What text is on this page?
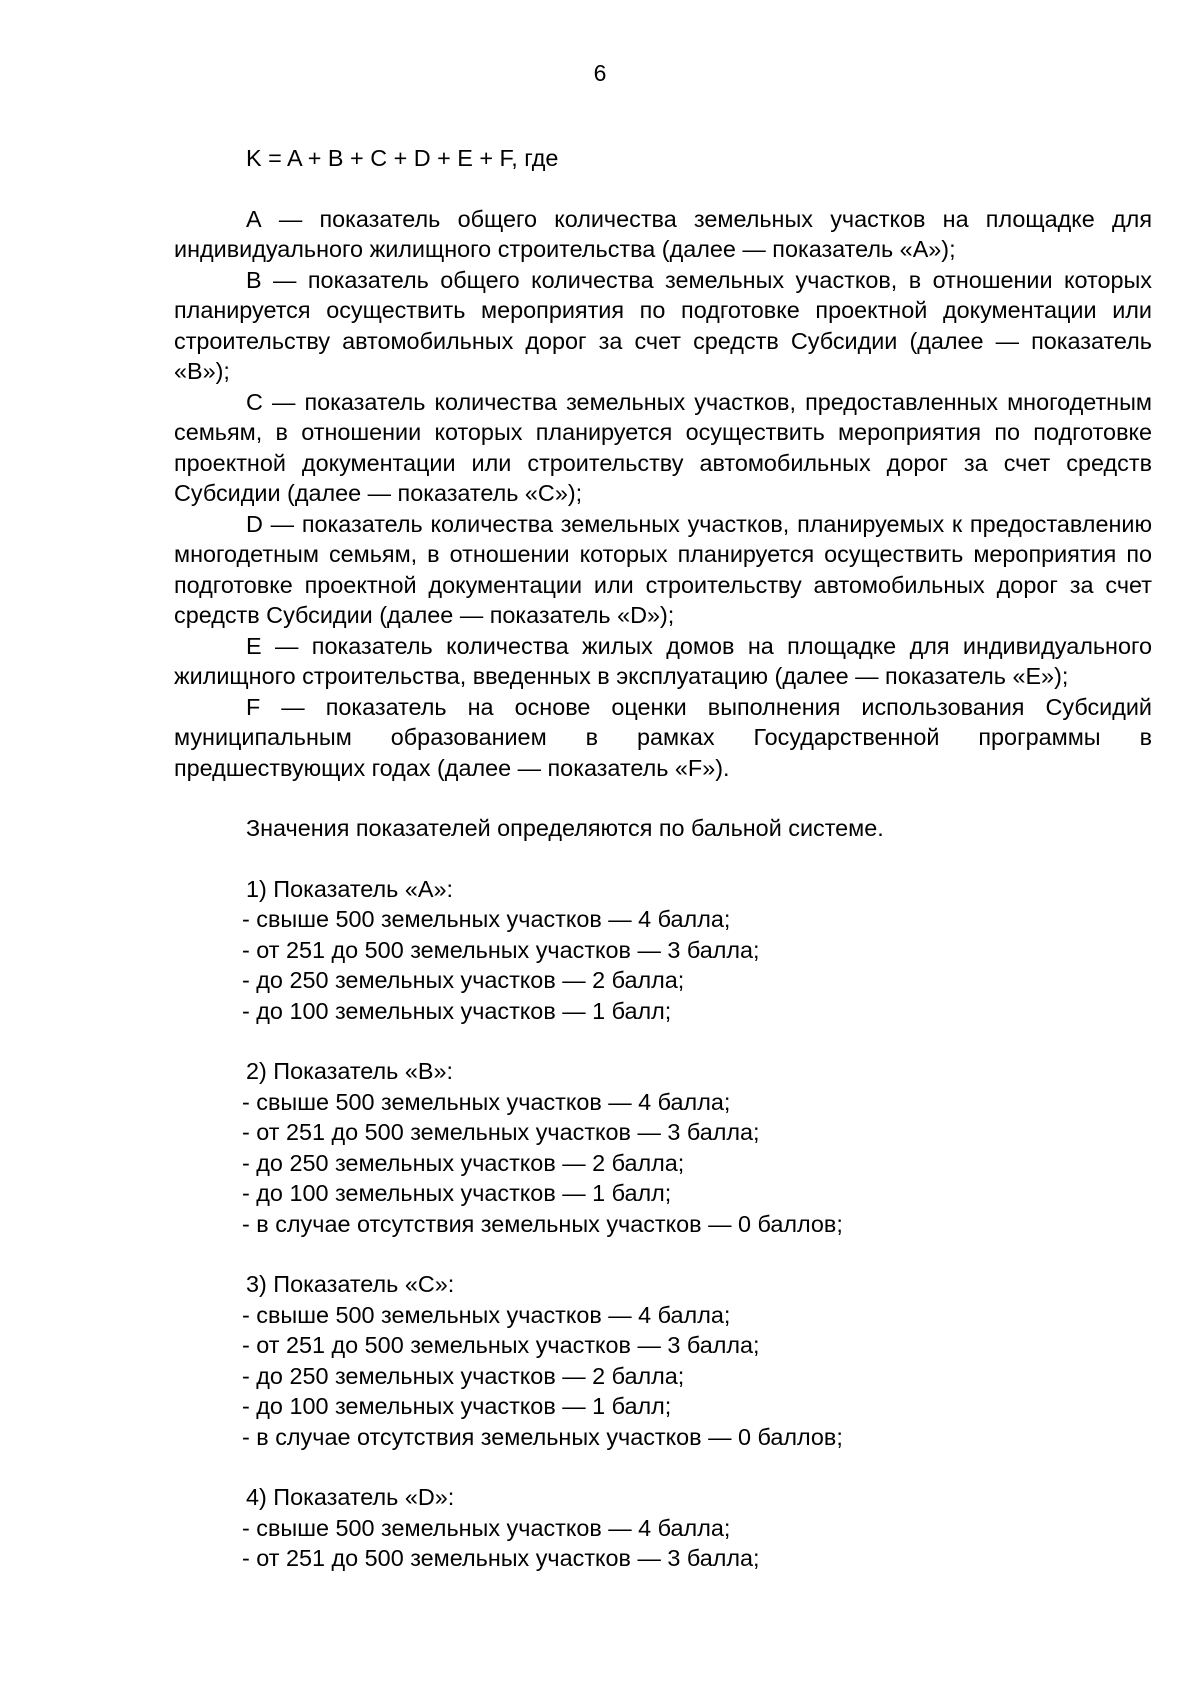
6
K = A + B + C + D + E + F, где

А — показатель общего количества земельных участков на площадке для индивидуального жилищного строительства (далее — показатель «А»);

В — показатель общего количества земельных участков, в отношении которых планируется осуществить мероприятия по подготовке проектной документации или строительству автомобильных дорог за счет средств Субсидии (далее — показатель «В»);

С — показатель количества земельных участков, предоставленных многодетным семьям, в отношении которых планируется осуществить мероприятия по подготовке проектной документации или строительству автомобильных дорог за счет средств Субсидии (далее — показатель «С»);

D — показатель количества земельных участков, планируемых к предоставлению многодетным семьям, в отношении которых планируется осуществить мероприятия по подготовке проектной документации или строительству автомобильных дорог за счет средств Субсидии (далее — показатель «D»);

Е — показатель количества жилых домов на площадке для индивидуального жилищного строительства, введенных в эксплуатацию (далее — показатель «Е»);

F — показатель на основе оценки выполнения использования Субсидий муниципальным образованием в рамках Государственной программы в предшествующих годах (далее — показатель «F»).

Значения показателей определяются по бальной системе.
1) Показатель «А»:
- свыше 500 земельных участков — 4 балла;
- от 251 до 500 земельных участков — 3 балла;
- до 250 земельных участков — 2 балла;
- до 100 земельных участков — 1 балл;
2) Показатель «В»:
- свыше 500 земельных участков — 4 балла;
- от 251 до 500 земельных участков — 3 балла;
- до 250 земельных участков — 2 балла;
- до 100 земельных участков — 1 балл;
- в случае отсутствия земельных участков — 0 баллов;
3) Показатель «С»:
- свыше 500 земельных участков — 4 балла;
- от 251 до 500 земельных участков — 3 балла;
- до 250 земельных участков — 2 балла;
- до 100 земельных участков — 1 балл;
- в случае отсутствия земельных участков — 0 баллов;
4) Показатель «D»:
- свыше 500 земельных участков — 4 балла;
- от 251 до 500 земельных участков — 3 балла;
